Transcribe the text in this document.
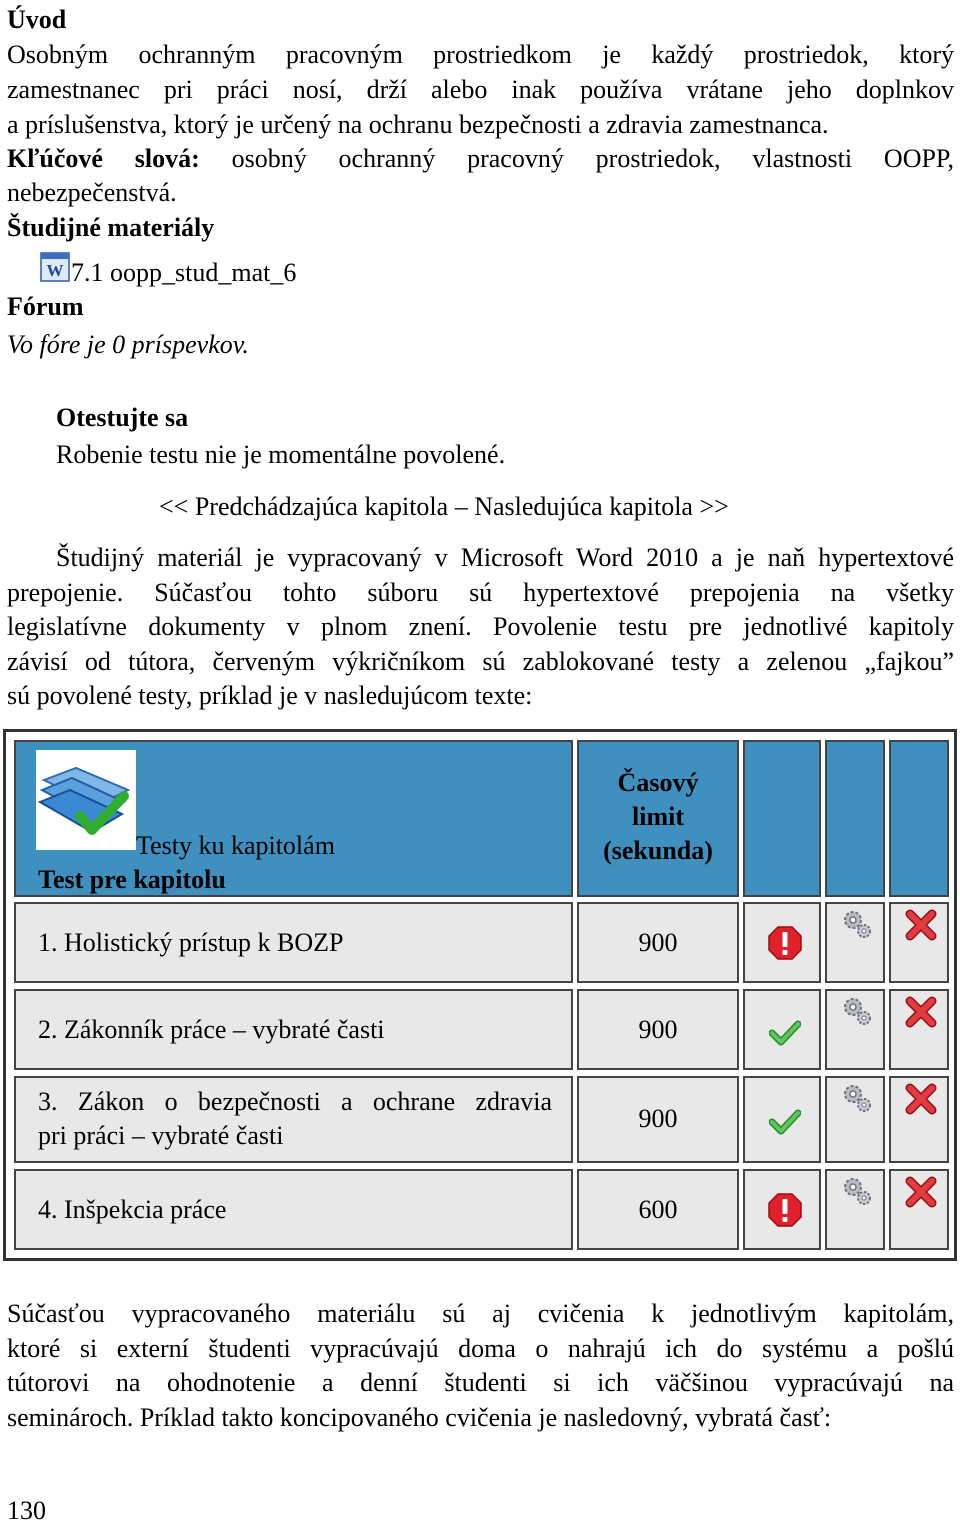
Úvod
Osobným ochranným pracovným prostriedkom je každý prostriedok, ktorý
zamestnanec pri práci nosí, drží alebo inak používa vrátane jeho doplnkov
a príslušenstva, ktorý je určený na ochranu bezpečnosti a zdravia zamestnanca.
Kľúčové slová: osobný ochranný pracovný prostriedok, vlastnosti OOPP,
nebezpečenstvá.
Študijné materiály
W 7.1 oopp_stud_mat_6
Fórum
Vo fóre je 0 príspevkov.
Otestujte sa
Robenie testu nie je momentálne povolené.
<< Predchádzajúca kapitola – Nasledujúca kapitola >>
Študijný materiál je vypracovaný v Microsoft Word 2010 a je naň hypertextové
prepojenie. Súčasťou tohto súboru sú hypertextové prepojenia na všetky
legislatívne dokumenty v plnom znení. Povolenie testu pre jednotlivé kapitoly
závisí od tútora, červeným výkričníkom sú zablokované testy a zelenou „fajkou”
sú povolené testy, príklad je v nasledujúcom texte:
Testy ku kapitolám
Test pre kapitolu
Časový
limit
(sekunda)
1. Holistický prístup k BOZP	900
2. Zákonník práce – vybraté časti	900
3. Zákon o bezpečnosti a ochrane zdravia
pri práci – vybraté časti
900
4. Inšpekcia práce	600
Súčasťou vypracovaného materiálu sú aj cvičenia k jednotlivým kapitolám,
ktoré si externí študenti vypracúvajú doma o nahrajú ich do systému a pošlú
tútorovi na ohodnotenie a denní študenti si ich väčšinou vypracúvajú na
seminároch. Príklad takto koncipovaného cvičenia je nasledovný, vybratá časť:
130
